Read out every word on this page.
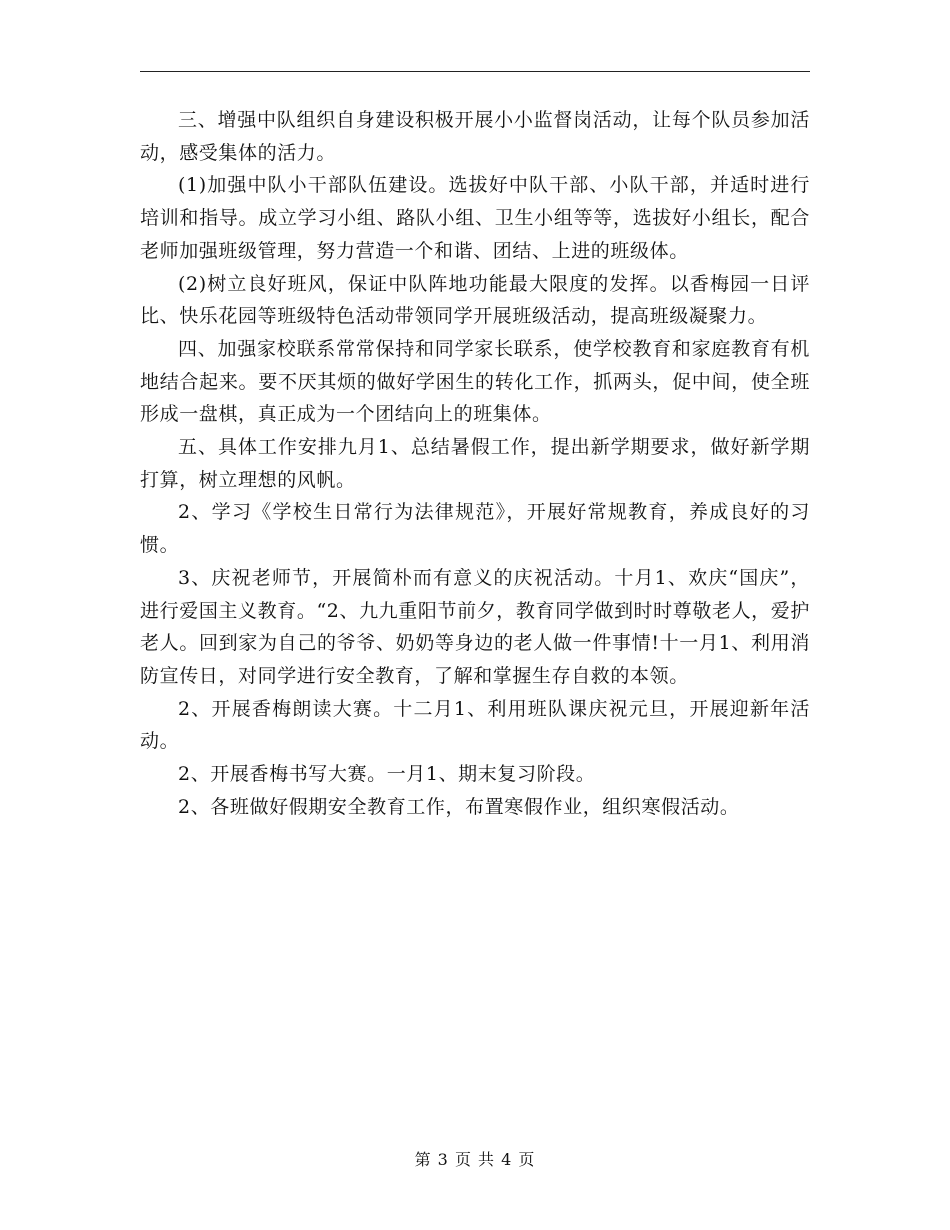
三、增强中队组织自身建设积极开展小小监督岗活动，让每个队员参加活动，感受集体的活力。

(1)加强中队小干部队伍建设。选拔好中队干部、小队干部，并适时进行培训和指导。成立学习小组、路队小组、卫生小组等等，选拔好小组长，配合老师加强班级管理，努力营造一个和谐、团结、上进的班级体。

(2)树立良好班风，保证中队阵地功能最大限度的发挥。以香梅园一日评比、快乐花园等班级特色活动带领同学开展班级活动，提高班级凝聚力。

四、加强家校联系常常保持和同学家长联系，使学校教育和家庭教育有机地结合起来。要不厌其烦的做好学困生的转化工作，抓两头，促中间，使全班形成一盘棋，真正成为一个团结向上的班集体。

五、具体工作安排九月1、总结暑假工作，提出新学期要求，做好新学期打算，树立理想的风帆。

2、学习《学校生日常行为法律规范》，开展好常规教育，养成良好的习惯。

3、庆祝老师节，开展简朴而有意义的庆祝活动。十月1、欢庆“国庆”，进行爱国主义教育。“2、九九重阳节前夕，教育同学做到时时尊敬老人，爱护老人。回到家为自己的爷爷、奶奶等身边的老人做一件事情!十一月1、利用消防宣传日，对同学进行安全教育，了解和掌握生存自救的本领。

2、开展香梅朗读大赛。十二月1、利用班队课庆祝元旦，开展迎新年活动。

2、开展香梅书写大赛。一月1、期末复习阶段。

2、各班做好假期安全教育工作，布置寒假作业，组织寒假活动。

第 3 页 共 4 页
